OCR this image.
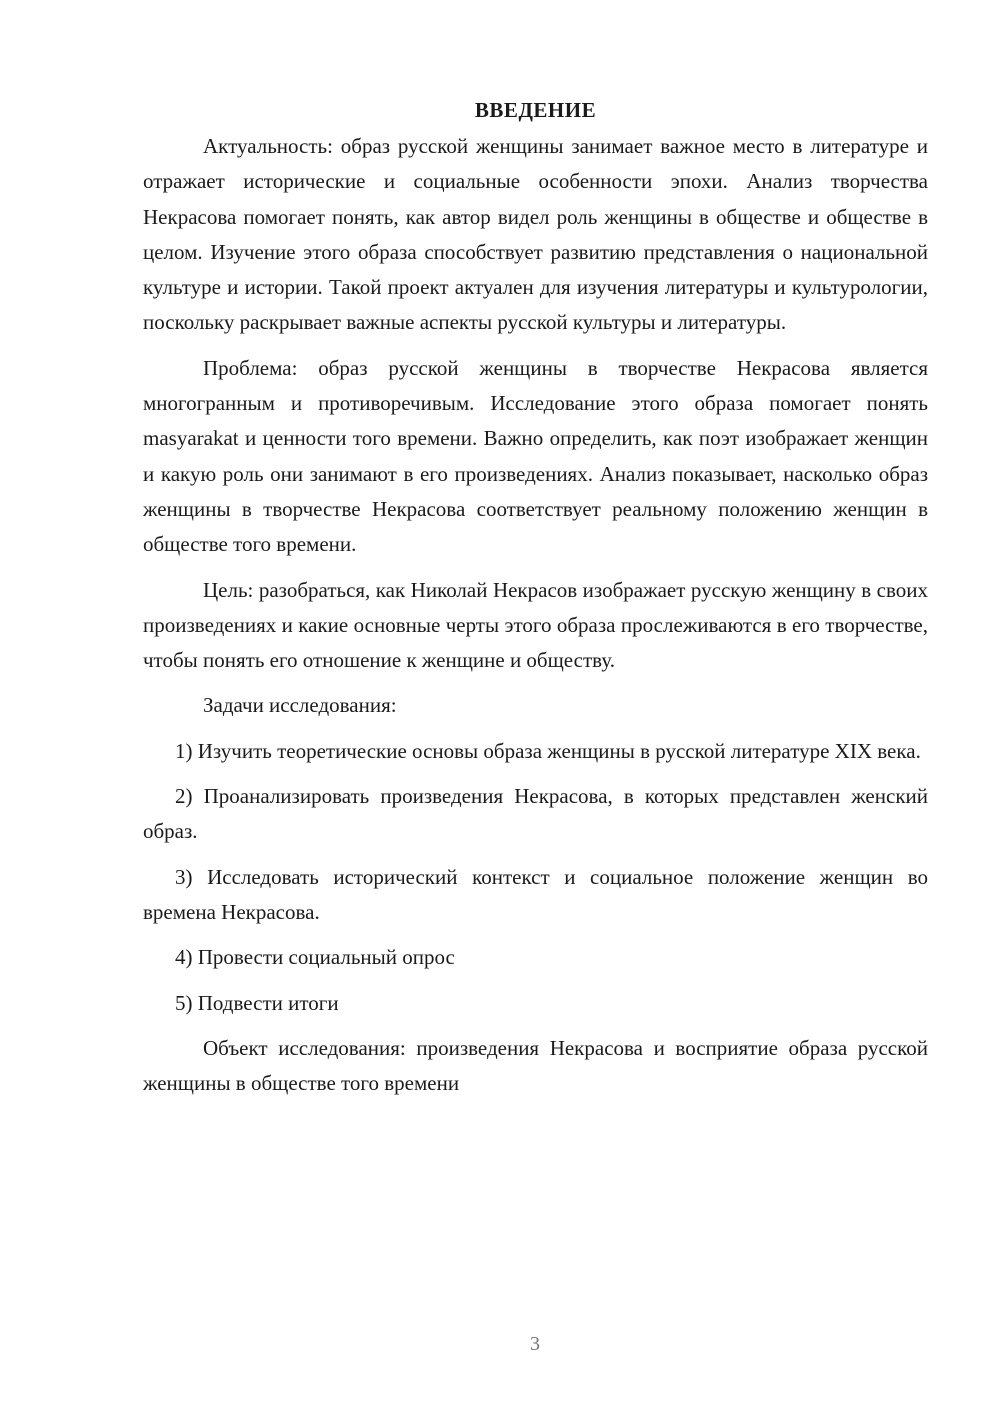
ВВЕДЕНИЕ

Актуальность: образ русской женщины занимает важное место в литературе и отражает исторические и социальные особенности эпохи. Анализ творчества Некрасова помогает понять, как автор видел роль женщины в обществе и обществе в целом. Изучение этого образа способствует развитию представления о национальной культуре и истории. Такой проект актуален для изучения литературы и культурологии, поскольку раскрывает важные аспекты русской культуры и литературы.

Проблема: образ русской женщины в творчестве Некрасова является многогранным и противоречивым. Исследование этого образа помогает понять masyarakat и ценности того времени. Важно определить, как поэт изображает женщин и какую роль они занимают в его произведениях. Анализ показывает, насколько образ женщины в творчестве Некрасова соответствует реальному положению женщин в обществе того времени.

Цель: разобраться, как Николай Некрасов изображает русскую женщину в своих произведениях и какие основные черты этого образа прослеживаются в его творчестве, чтобы понять его отношение к женщине и обществу.

Задачи исследования:

1) Изучить теоретические основы образа женщины в русской литературе XIX века.

2) Проанализировать произведения Некрасова, в которых представлен женский образ.

3) Исследовать исторический контекст и социальное положение женщин во времена Некрасова.

4) Провести социальный опрос

5) Подвести итоги

Объект исследования: произведения Некрасова и восприятие образа русской женщины в обществе того времени

3
